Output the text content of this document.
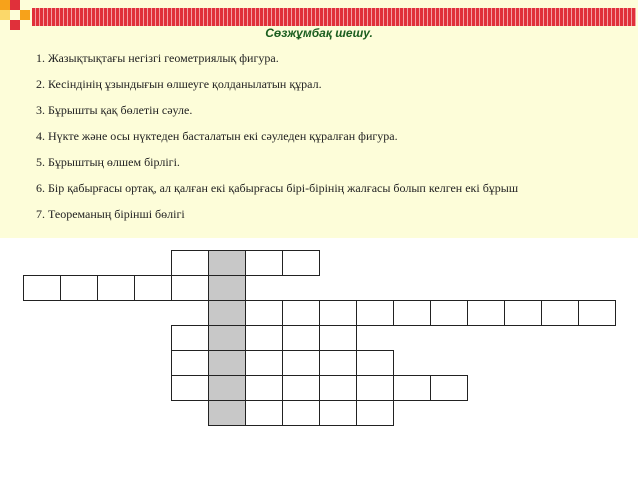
Сөзжұмбақ шешу.
1. Жазықтықтағы негізгі геометриялық фигура.
2. Кесіндінің ұзындығын өлшеуге қолданылатын құрал.
3. Бұрышты қақ бөлетін сәуле.
4. Нүкте және осы нүктеден басталатын екі сәуледен құралған фигура.
5. Бұрыштың өлшем бірлігі.
6. Бір қабырғасы ортақ, ал қалған екі қабырғасы бірі-бірінің жалғасы болып келген екі бұрыш
7. Теореманың бірінші бөлігі
